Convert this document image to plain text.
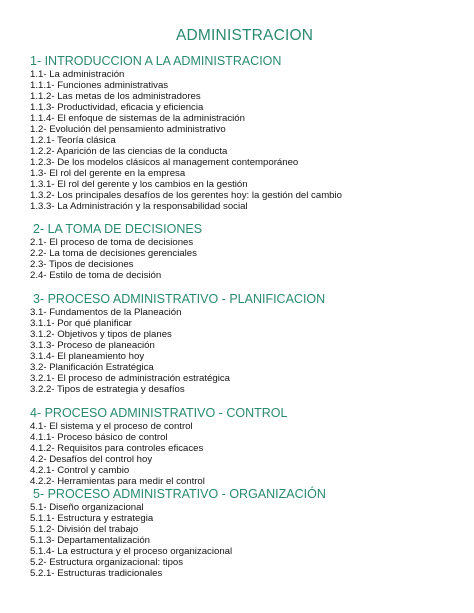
ADMINISTRACION
1- INTRODUCCION A LA ADMINISTRACION
1.1- La administración
1.1.1- Funciones administrativas
1.1.2- Las metas de los administradores
1.1.3- Productividad, eficacia y eficiencia
1.1.4- El enfoque de sistemas de la administración
1.2- Evolución del pensamiento administrativo
1.2.1- Teoría clásica
1.2.2- Aparición de las ciencias de la conducta
1.2.3- De los modelos clásicos al management contemporáneo
1.3- El rol del gerente en la empresa
1.3.1- El rol del gerente y los cambios en la gestión
1.3.2- Los principales desafíos de los gerentes hoy: la gestión del cambio
1.3.3- La Administración y la responsabilidad social
2- LA TOMA DE DECISIONES
2.1- El proceso de toma de decisiones
2.2- La toma de decisiones gerenciales
2.3- Tipos de decisiones
2.4- Estilo de toma de decisión
3- PROCESO ADMINISTRATIVO - PLANIFICACION
3.1- Fundamentos de la Planeación
3.1.1- Por qué planificar
3.1.2- Objetivos y tipos de planes
3.1.3- Proceso de planeación
3.1.4- El planeamiento hoy
3.2- Planificación Estratégica
3.2.1- El proceso de administración estratégica
3.2.2- Tipos de estrategia y desafíos
4- PROCESO ADMINISTRATIVO - CONTROL
4.1- El sistema y el proceso de control
4.1.1- Proceso básico de control
4.1.2- Requisitos para controles eficaces
4.2- Desafíos del control hoy
4.2.1- Control y cambio
4.2.2- Herramientas para medir el control
5- PROCESO ADMINISTRATIVO - ORGANIZACIÓN
5.1- Diseño organizacional
5.1.1- Estructura y estrategia
5.1.2- División del trabajo
5.1.3- Departamentalización
5.1.4- La estructura y el proceso organizacional
5.2- Estructura organizacional: tipos
5.2.1- Estructuras tradicionales
